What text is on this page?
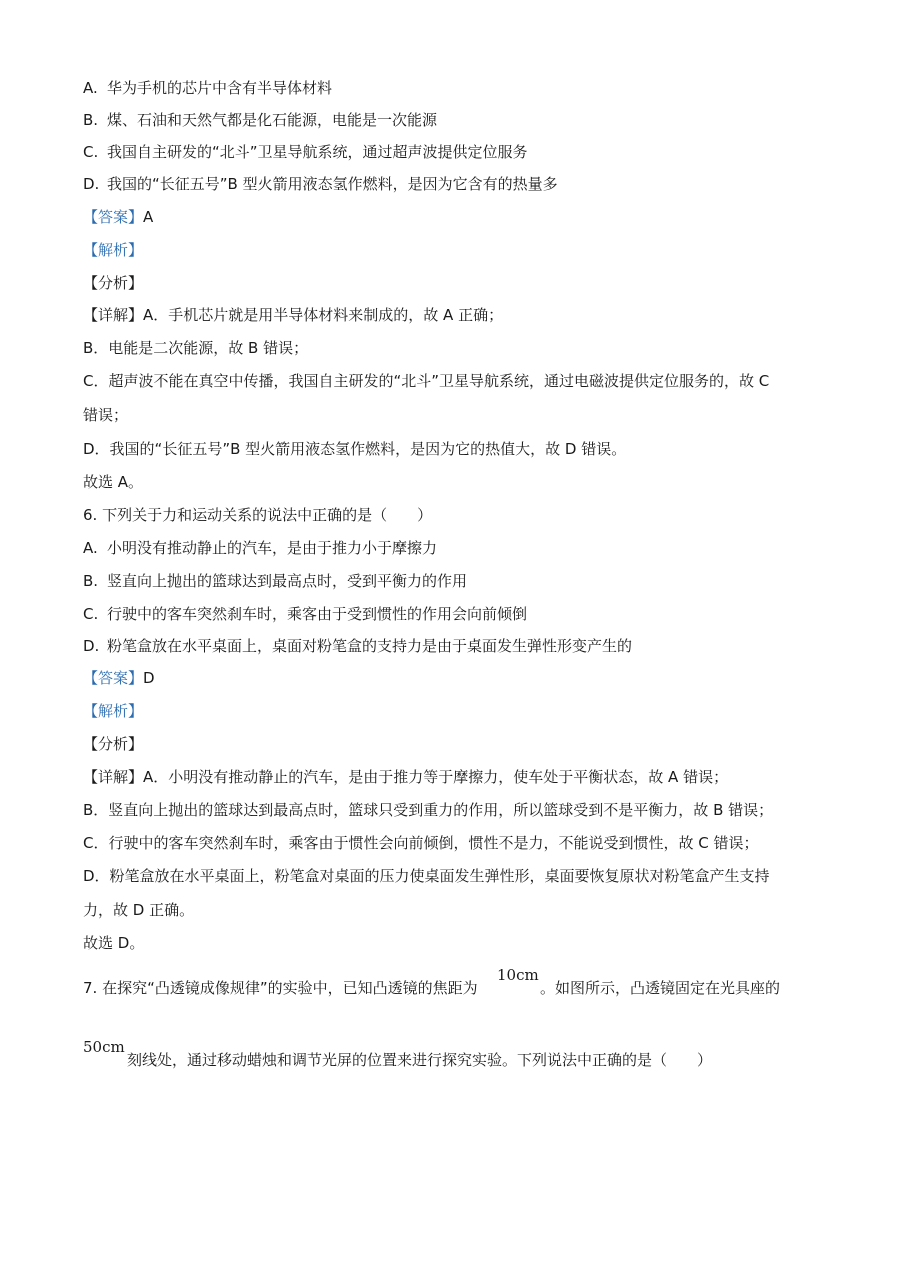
A. 华为手机的芯片中含有半导体材料
B. 煤、石油和天然气都是化石能源，电能是一次能源
C. 我国自主研发的“北斗”卫星导航系统，通过超声波提供定位服务
D. 我国的“长征五号”B 型火箭用液态氢作燃料，是因为它含有的热量多
【答案】A
【解析】
【分析】
【详解】A．手机芯片就是用半导体材料来制成的，故 A 正确；
B．电能是二次能源，故 B 错误；
C．超声波不能在真空中传播，我国自主研发的“北斗”卫星导航系统，通过电磁波提供定位服务的，故 C
错误；
D．我国的“长征五号”B 型火箭用液态氢作燃料，是因为它的热值大，故 D 错误。
故选 A。
6. 下列关于力和运动关系的说法中正确的是（　　）
A. 小明没有推动静止的汽车，是由于推力小于摩擦力
B. 竖直向上抛出的篮球达到最高点时，受到平衡力的作用
C. 行驶中的客车突然刹车时，乘客由于受到惯性的作用会向前倾倒
D. 粉笔盒放在水平桌面上，桌面对粉笔盒的支持力是由于桌面发生弹性形变产生的
【答案】D
【解析】
【分析】
【详解】A．小明没有推动静止的汽车，是由于推力等于摩擦力，使车处于平衡状态，故 A 错误；
B．竖直向上抛出的篮球达到最高点时，篮球只受到重力的作用，所以篮球受到不是平衡力，故 B 错误；
C．行驶中的客车突然刹车时，乘客由于惯性会向前倾倒，惯性不是力，不能说受到惯性，故 C 错误；
D．粉笔盒放在水平桌面上，粉笔盒对桌面的压力使桌面发生弹性形，桌面要恢复原状对粉笔盒产生支持
力，故 D 正确。
故选 D。
7. 在探究“凸透镜成像规律”的实验中，已知凸透镜的焦距为
10cm
。如图所示，凸透镜固定在光具座的
50cm
刻线处，通过移动蜡烛和调节光屏的位置来进行探究实验。下列说法中正确的是（　　）
